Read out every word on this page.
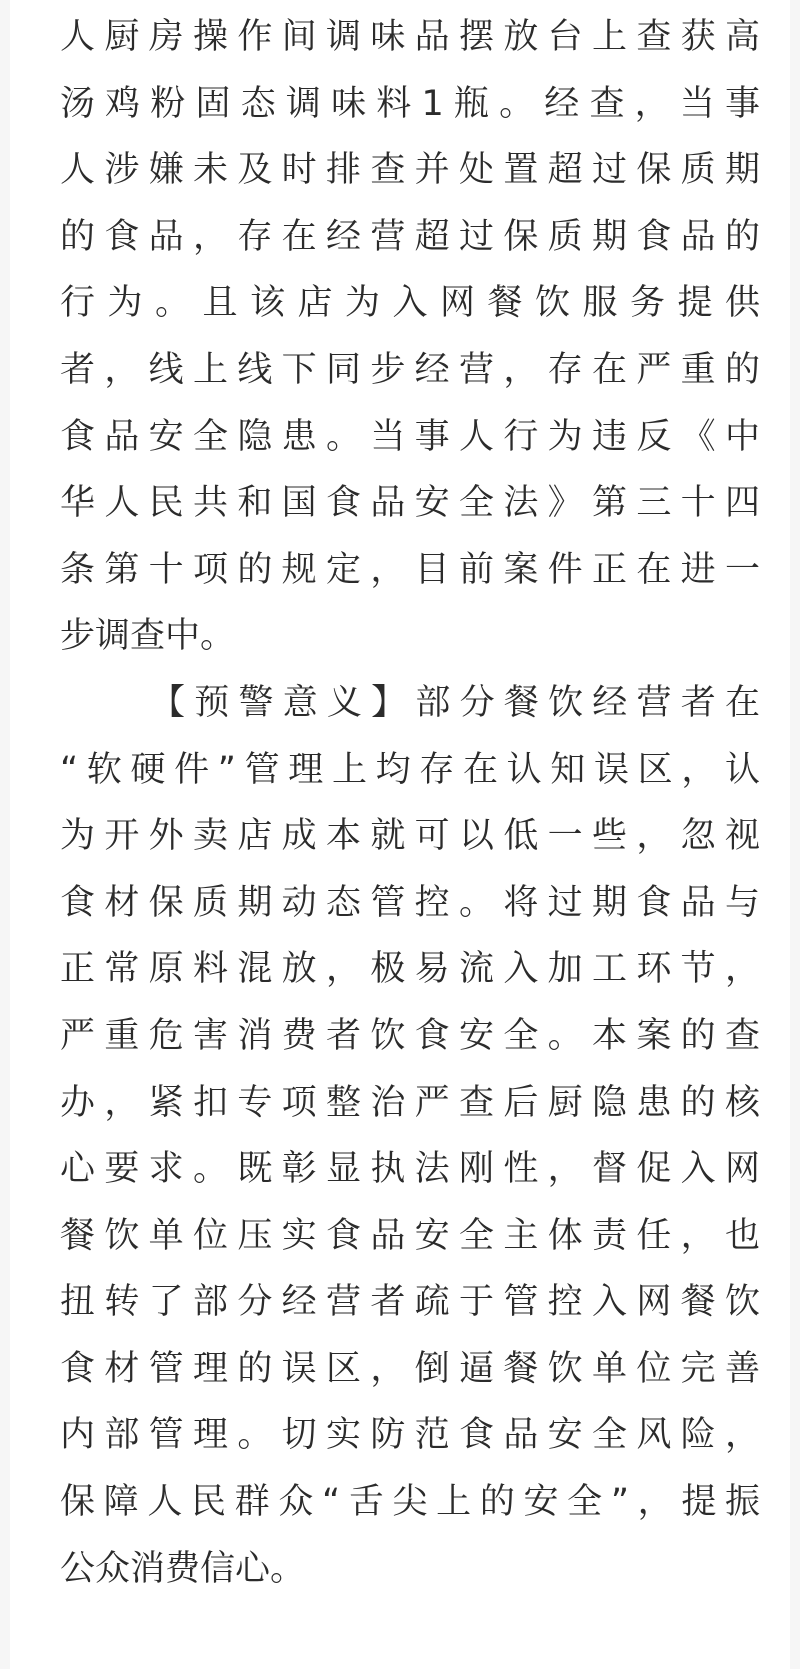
人厨房操作间调味品摆放台上查获高
汤鸡粉固态调味料1瓶。经查，当事
人涉嫌未及时排查并处置超过保质期
的食品，存在经营超过保质期食品的
行为。且该店为入网餐饮服务提供
者，线上线下同步经营，存在严重的
食品安全隐患。当事人行为违反《中
华人民共和国食品安全法》第三十四
条第十项的规定，目前案件正在进一
步调查中。
【预警意义】部分餐饮经营者在
“软硬件”管理上均存在认知误区，认
为开外卖店成本就可以低一些，忽视
食材保质期动态管控。将过期食品与
正常原料混放，极易流入加工环节，
严重危害消费者饮食安全。本案的查
办，紧扣专项整治严查后厨隐患的核
心要求。既彰显执法刚性，督促入网
餐饮单位压实食品安全主体责任，也
扭转了部分经营者疏于管控入网餐饮
食材管理的误区，倒逼餐饮单位完善
内部管理。切实防范食品安全风险，
保障人民群众“舌尖上的安全”，提振
公众消费信心。
